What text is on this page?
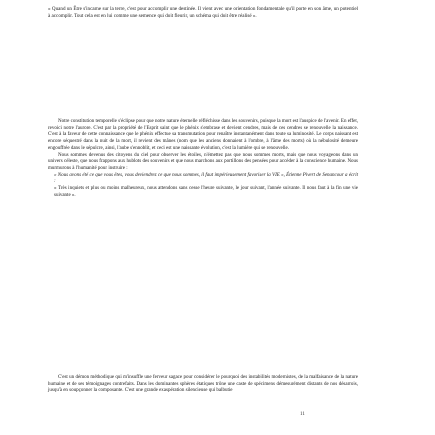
« Quand un Être s'incarne sur la terre, c'est pour accomplir une destinée. Il vient avec une orientation fondamentale qu'il porte en son âme, un potentiel à accomplir. Tout cela est en lui comme une semence qui doit fleurir, un schéma qui doit être réalisé ».

Notre constitution temporelle s'éclipse pour que notre nature éternelle réfléchisse dans les souvenirs, puisque la mort est l'auspice de l'avenir. En effet, revoici notre l'aurore. C'est par la propriété de l'Esprit saint que le phénix s'embrase et devient cendres, mais de ces cendres se renouvelle la naissance. C'est à la faveur de cette connaissance que le phénix effectue sa transmutation pour renaître instantanément dans toute sa luminosité. Le corps naissant est encore séquestré dans la nuit de la mort, il revient des mânes (nom que les anciens donnaient à l'ombre, à l'âme des morts) où la nébulosité demeure engouffrée dans le sépulcre, ainsi, l'aube s'ennoblit, et ceci est une naissante évolution, c'est la lumière qui se renouvelle.

Nous sommes devenus des citoyens du ciel pour observer les étoiles, n'émettez pas que nous sommes morts, mais que nous voyageons dans un univers céleste, que nous frappons aux hublots des souvenirs et que nous marchons aux portillons des pensées pour accéder à la conscience humaine. Nous murmurons à l'humanité pour instruire :

« Nous avons été ce que vous êtes, vous deviendrez ce que nous sommes, il faut impérieusement favoriser la VIE », Étienne Pivert de Senancour a écrit :

« Très inquiets et plus ou moins malheureux, nous attendons sans cesse l'heure suivante, le jour suivant, l'année suivante. Il nous faut à la fin une vie suivante ».

C'est un démon méthodique qui m'insuffle une ferveur sagace pour considérer le pourquoi des instabilités modernistes, de la malfaisance de la nature humaine et de ses témoignages contrefaits. Dans les dominantes sphères étatiques trône une caste de spécimens démesurément distants de nos désarrois, jusqu'à en soupçonner la composante. C'est une grande exaspération silencieuse qui balbutie

11
